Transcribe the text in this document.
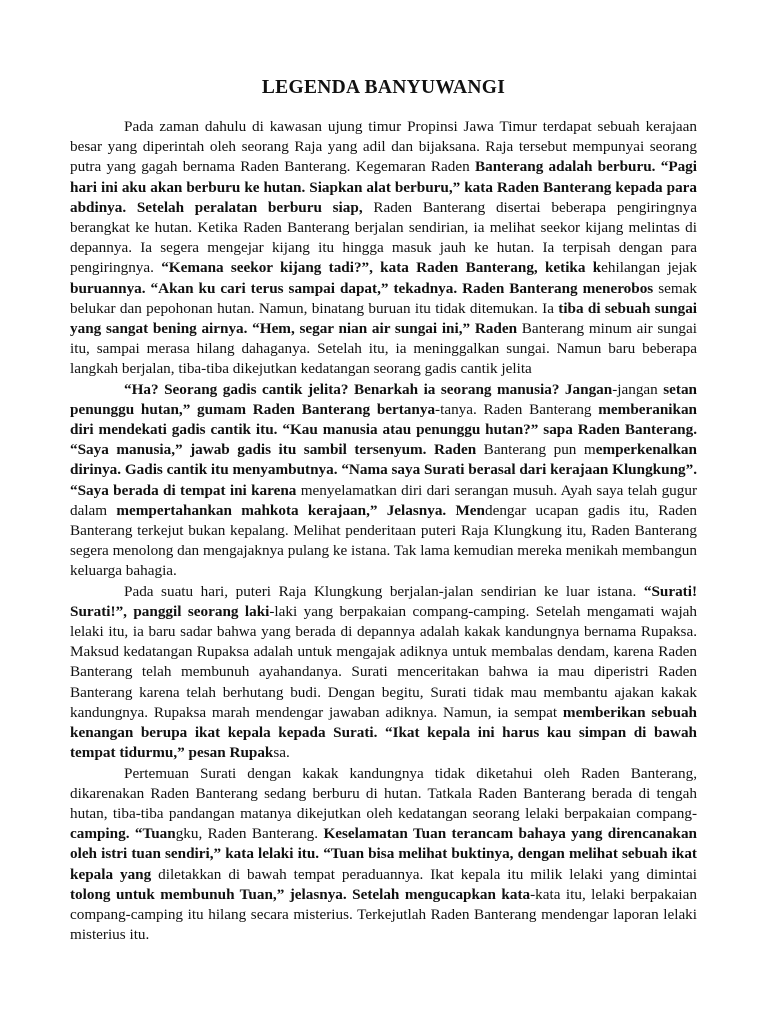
LEGENDA BANYUWANGI

Pada zaman dahulu di kawasan ujung timur Propinsi Jawa Timur terdapat sebuah kerajaan besar yang diperintah oleh seorang Raja yang adil dan bijaksana. Raja tersebut mempunyai seorang putra yang gagah bernama Raden Banterang. Kegemaran Raden Banterang adalah berburu. “Pagi hari ini aku akan berburu ke hutan. Siapkan alat berburu,” kata Raden Banterang kepada para abdinya. Setelah peralatan berburu siap, Raden Banterang disertai beberapa pengiringnya berangkat ke hutan. Ketika Raden Banterang berjalan sendirian, ia melihat seekor kijang melintas di depannya. Ia segera mengejar kijang itu hingga masuk jauh ke hutan. Ia terpisah dengan para pengiringnya. “Kemana seekor kijang tadi?”, kata Raden Banterang, ketika kehilangan jejak buruannya. “Akan ku cari terus sampai dapat,” tekadnya. Raden Banterang menerobos semak belukar dan pepohonan hutan. Namun, binatang buruan itu tidak ditemukan. Ia tiba di sebuah sungai yang sangat bening airnya. “Hem, segar nian air sungai ini,” Raden Banterang minum air sungai itu, sampai merasa hilang dahaganya. Setelah itu, ia meninggalkan sungai. Namun baru beberapa langkah berjalan, tiba-tiba dikejutkan kedatangan seorang gadis cantik jelita

“Ha? Seorang gadis cantik jelita? Benarkah ia seorang manusia? Jangan-jangan setan penunggu hutan,” gumam Raden Banterang bertanya-tanya. Raden Banterang memberanikan diri mendekati gadis cantik itu. “Kau manusia atau penunggu hutan?” sapa Raden Banterang. “Saya manusia,” jawab gadis itu sambil tersenyum. Raden Banterang pun memperkenalkan dirinya. Gadis cantik itu menyambutnya. “Nama saya Surati berasal dari kerajaan Klungkung”. “Saya berada di tempat ini karena menyelamatkan diri dari serangan musuh. Ayah saya telah gugur dalam mempertahankan mahkota kerajaan,” Jelasnya. Mendengar ucapan gadis itu, Raden Banterang terkejut bukan kepalang. Melihat penderitaan puteri Raja Klungkung itu, Raden Banterang segera menolong dan mengajaknya pulang ke istana. Tak lama kemudian mereka menikah membangun keluarga bahagia.

Pada suatu hari, puteri Raja Klungkung berjalan-jalan sendirian ke luar istana. “Surati! Surati!”, panggil seorang laki-laki yang berpakaian compang-camping. Setelah mengamati wajah lelaki itu, ia baru sadar bahwa yang berada di depannya adalah kakak kandungnya bernama Rupaksa. Maksud kedatangan Rupaksa adalah untuk mengajak adiknya untuk membalas dendam, karena Raden Banterang telah membunuh ayahandanya. Surati menceritakan bahwa ia mau diperistri Raden Banterang karena telah berhutang budi. Dengan begitu, Surati tidak mau membantu ajakan kakak kandungnya. Rupaksa marah mendengar jawaban adiknya. Namun, ia sempat memberikan sebuah kenangan berupa ikat kepala kepada Surati. “Ikat kepala ini harus kau simpan di bawah tempat tidurmu,” pesan Rupaksa.

Pertemuan Surati dengan kakak kandungnya tidak diketahui oleh Raden Banterang, dikarenakan Raden Banterang sedang berburu di hutan. Tatkala Raden Banterang berada di tengah hutan, tiba-tiba pandangan matanya dikejutkan oleh kedatangan seorang lelaki berpakaian compang-camping. “Tuangku, Raden Banterang. Keselamatan Tuan terancam bahaya yang direncanakan oleh istri tuan sendiri,” kata lelaki itu. “Tuan bisa melihat buktinya, dengan melihat sebuah ikat kepala yang diletakkan di bawah tempat peraduannya. Ikat kepala itu milik lelaki yang dimintai tolong untuk membunuh Tuan,” jelasnya. Setelah mengucapkan kata-kata itu, lelaki berpakaian compang-camping itu hilang secara misterius. Terkejutlah Raden Banterang mendengar laporan lelaki misterius itu.
